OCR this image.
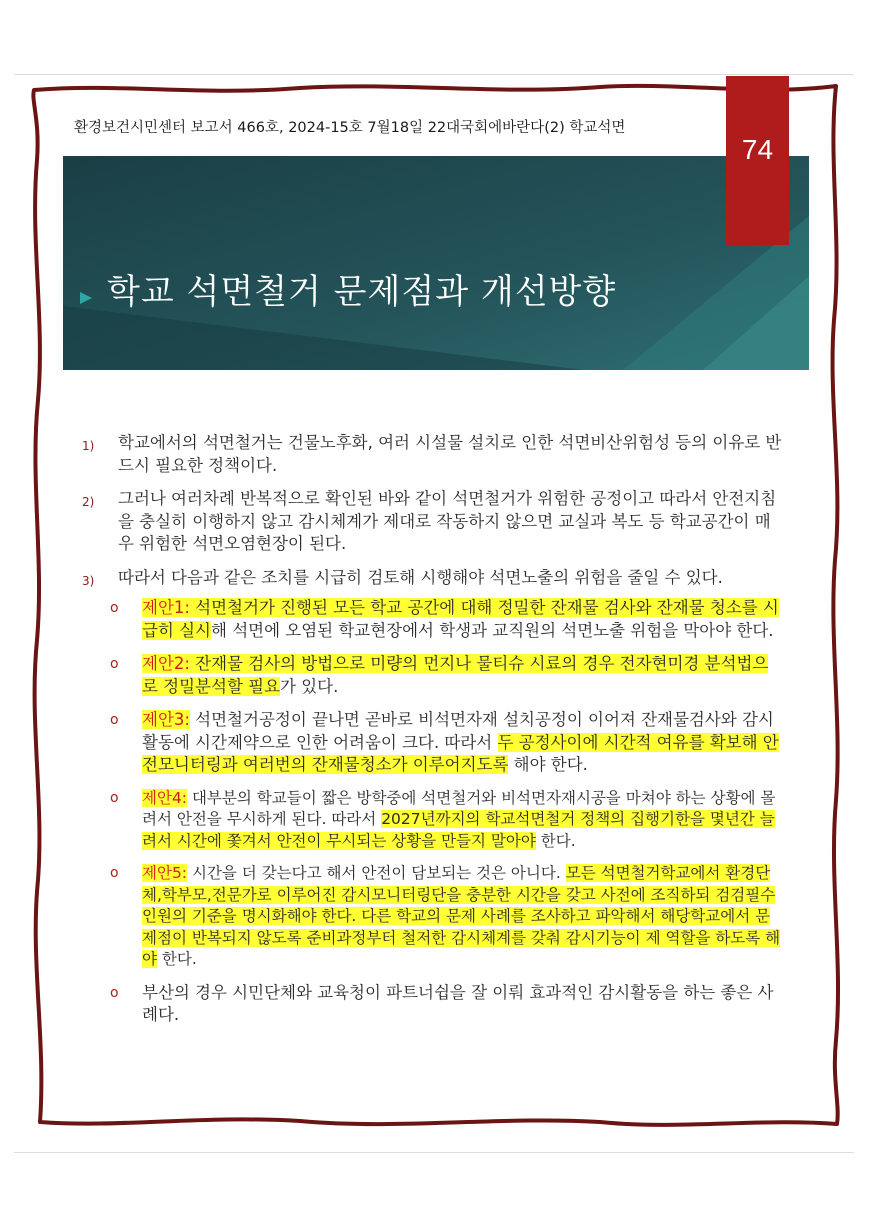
환경보건시민센터 보고서 466호, 2024-15호 7월18일 22대국회에바란다(2) 학교석면
학교 석면철거 문제점과 개선방향
74
1) 학교에서의 석면철거는 건물노후화, 여러 시설물 설치로 인한 석면비산위험성 등의 이유로 반드시 필요한 정책이다.
2) 그러나 여러차례 반복적으로 확인된 바와 같이 석면철거가 위험한 공정이고 따라서 안전지침을 충실히 이행하지 않고 감시체계가 제대로 작동하지 않으면 교실과 복도 등 학교공간이 매우 위험한 석면오염현장이 된다.
3) 따라서 다음과 같은 조치를 시급히 검토해 시행해야 석면노출의 위험을 줄일 수 있다.
o 제안1: 석면철거가 진행된 모든 학교 공간에 대해 정밀한 잔재물 검사와 잔재물 청소를 시급히 실시해 석면에 오염된 학교현장에서 학생과 교직원의 석면노출 위험을 막아야 한다.
o 제안2: 잔재물 검사의 방법으로 미량의 먼지나 물티슈 시료의 경우 전자현미경 분석법으로 정밀분석할 필요가 있다.
o 제안3: 석면철거공정이 끝나면 곧바로 비석면자재 설치공정이 이어져 잔재물검사와 감시활동에 시간제약으로 인한 어려움이 크다. 따라서 두 공정사이에 시간적 여유를 확보해 안전모니터링과 여러번의 잔재물청소가 이루어지도록 해야 한다.
o 제안4: 대부분의 학교들이 짧은 방학중에 석면철거와 비석면자재시공을 마쳐야 하는 상황에 몰려서 안전을 무시하게 된다. 따라서 2027년까지의 학교석면철거 정책의 집행기한을 몇년간 늘려서 시간에 쫓겨서 안전이 무시되는 상황을 만들지 말아야 한다.
o 제안5: 시간을 더 갖는다고 해서 안전이 담보되는 것은 아니다. 모든 석면철거학교에서 환경단체,학부모,전문가로 이루어진 감시모니터링단을 충분한 시간을 갖고 사전에 조직하되 검검필수인원의 기준을 명시화해야 한다. 다른 학교의 문제 사례를 조사하고 파악해서 해당학교에서 문제점이 반복되지 않도록 준비과정부터 철저한 감시체계를 갖춰 감시기능이 제 역할을 하도록 해야 한다.
o 부산의 경우 시민단체와 교육청이 파트너쉽을 잘 이뤄 효과적인 감시활동을 하는 좋은 사례다.
